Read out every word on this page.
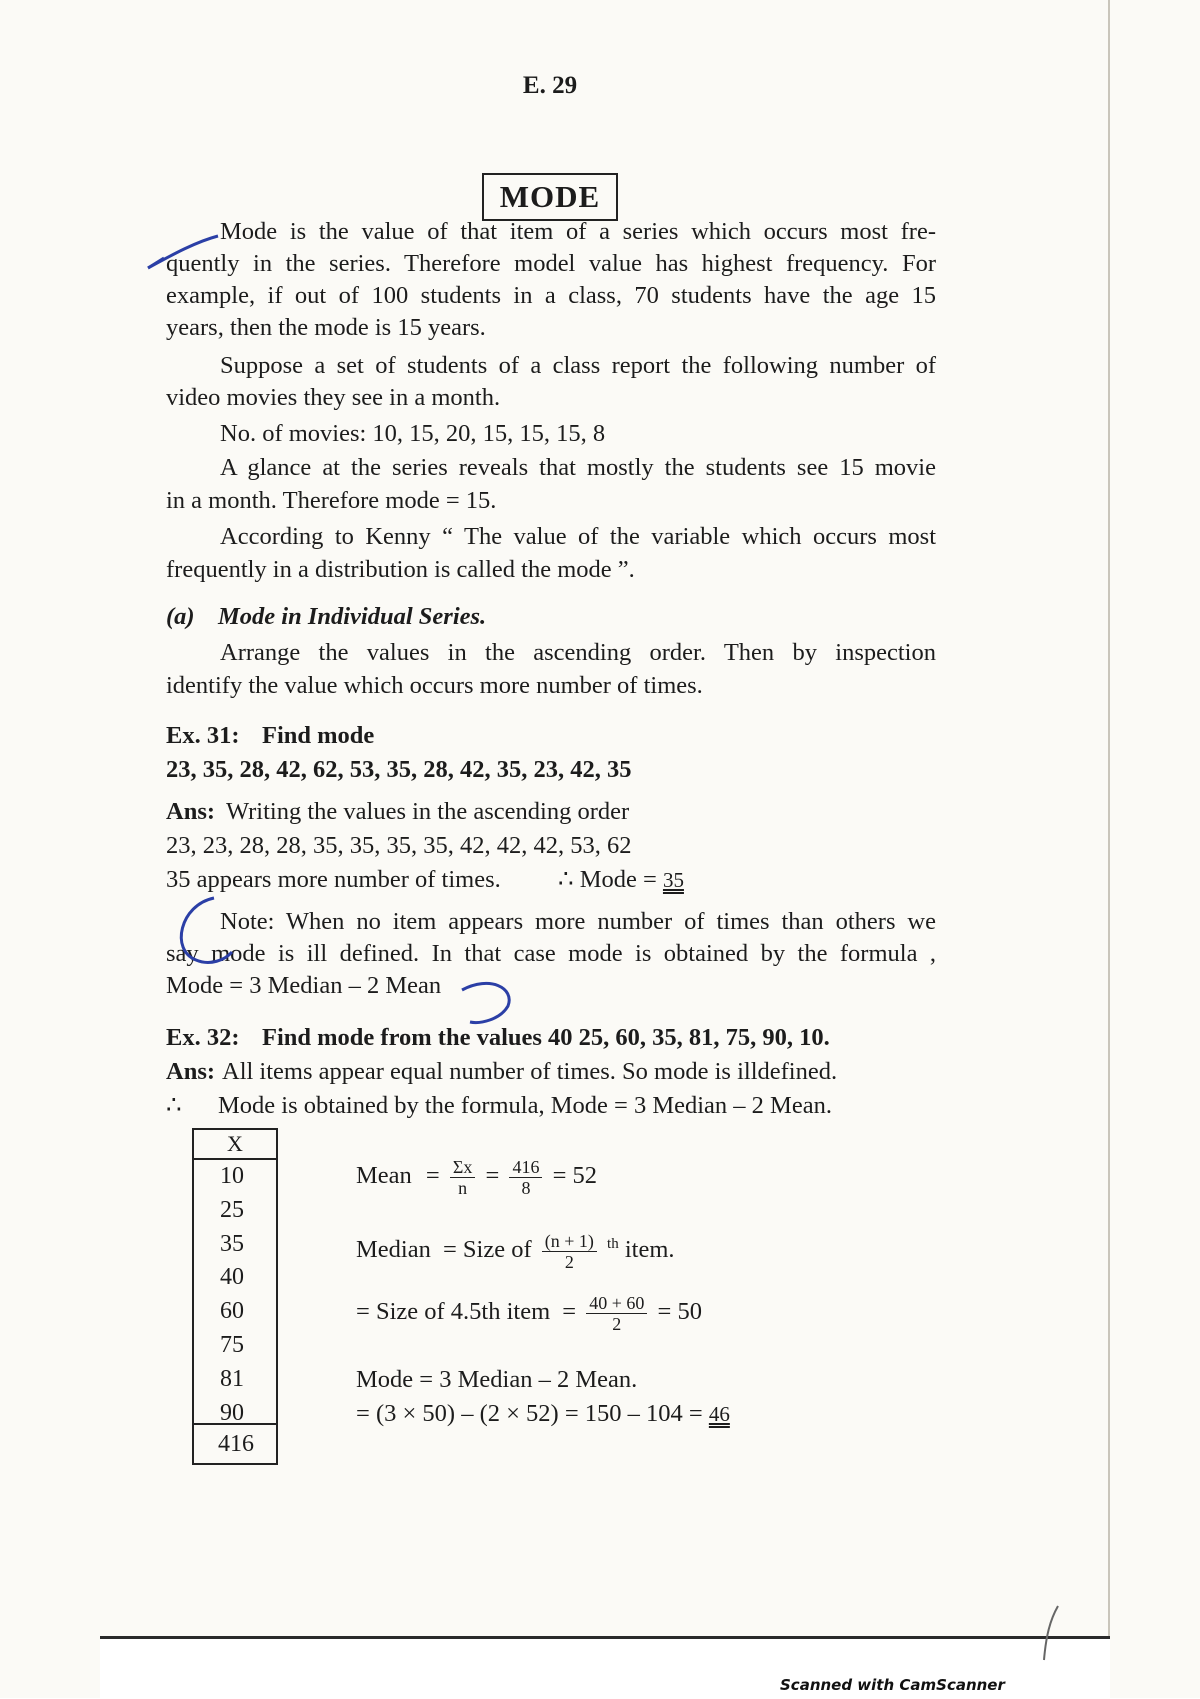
E. 29
MODE
Mode is the value of that item of a series which occurs most fre-
quently in the series. Therefore model value has highest frequency. For
example, if out of 100 students in a class, 70 students have the age 15
years, then the mode is 15 years.
Suppose a set of students of a class report the following number of
video movies they see in a month.
No. of movies: 10, 15, 20, 15, 15, 15, 8
A glance at the series reveals that mostly the students see 15 movie
in a month. Therefore mode = 15.
According to Kenny “ The value of the variable which occurs most
frequently in a distribution is called the mode ”.
(a) Mode in Individual Series.
Arrange the values in the ascending order. Then by inspection
identify the value which occurs more number of times.
Ex. 31: Find mode
23, 35, 28, 42, 62, 53, 35, 28, 42, 35, 23, 42, 35
Ans: Writing the values in the ascending order
23, 23, 28, 28, 35, 35, 35, 35, 42, 42, 42, 53, 62
35 appears more number of times. ∴ Mode = 35
Note: When no item appears more number of times than others we
say mode is ill defined. In that case mode is obtained by the formula ,
Mode = 3 Median – 2 Mean
Ex. 32: Find mode from the values 40 25, 60, 35, 81, 75, 90, 10.
Ans: All items appear equal number of times. So mode is illdefined.
∴ Mode is obtained by the formula, Mode = 3 Median – 2 Mean.
X
10
25
35
40
60
75
81
90
416
Mean = $\frac{\Sigma x}{n} = \frac{416}{8} = 52$
Median = Size of $\frac{(n + 1)}{2} ^{th}$ item.
= Size of 4.5th item = $\frac{40 + 60}{2} = 50$
Mode = 3 Median – 2 Mean.
= (3 × 50) – (2 × 52) = 150 – 104 = 46
Scanned with CamScanner
